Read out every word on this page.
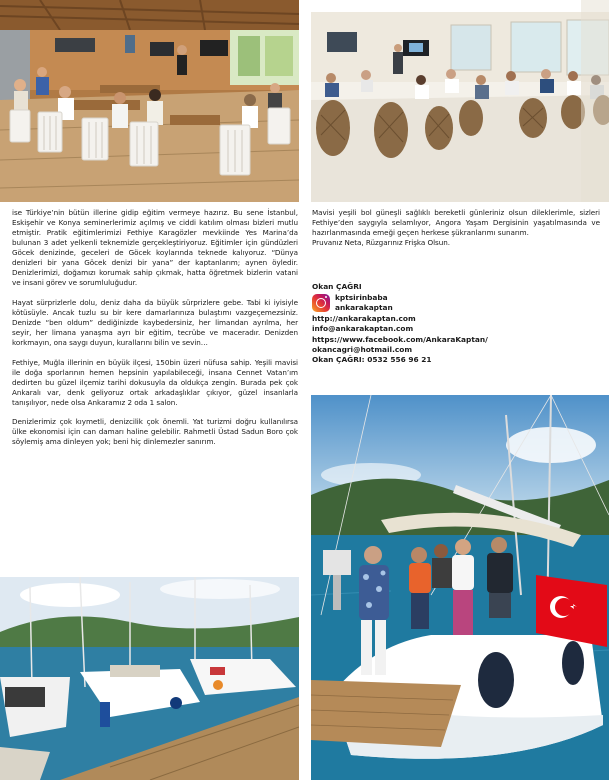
ise Türkiye’nin bütün illerine gidip eğitim vermeye hazırız. Bu sene İstanbul, Eskişehir ve Konya seminerlerimiz açılmış ve ciddi katılım olması bizleri mutlu etmiştir. Pratik eğitimlerimizi Fethiye Karagözler mevkiinde Yes Marina’da bulunan 3 adet yelkenli teknemizle gerçekleştiriyoruz. Eğitimler için gündüzleri Göcek denizinde, geceleri de Göcek koylarında teknede kalıyoruz. “Dünya denizleri bir yana Göcek denizi bir yana” der kaptanlarım; aynen öyledir. Denizlerimizi, doğamızı korumak sahip çıkmak, hatta öğretmek bizlerin vatani ve insani görev ve sorumluluğudur.

Hayat sürprizlerle dolu, deniz daha da büyük sürprizlere gebe. Tabi ki iyisiyle kötüsüyle. Ancak tuzlu su bir kere damarlarınıza bulaştımı vazgeçemezsiniz. Denizde “ben oldum” dediğinizde kaybedersiniz, her limandan ayrılma, her seyir, her limana yanaşma ayrı bir eğitim, tecrübe ve maceradır. Denizden korkmayın, ona saygı duyun, kurallarını bilin ve sevin…

Fethiye, Muğla illerinin en büyük ilçesi, 150bin üzeri nüfusa sahip. Yeşili mavisi ile doğa sporlarının hemen hepsinin yapılabileceği, insana Cennet Vatan’ım dedirten bu güzel ilçemiz tarihi dokusuyla da oldukça zengin. Burada pek çok Ankaralı var, denk geliyoruz ortak arkadaşlıklar çıkıyor, güzel insanlarla tanışılıyor, nede olsa Ankaramız 2 oda 1 salon.

Denizlerimiz çok kıymetli, denizcilik çok önemli. Yat turizmi doğru kullanılırsa ülke ekonomisi için can damarı haline gelebilir. Rahmetli Üstad Sadun Boro çok söylemiş ama dinleyen yok; beni hiç dinlemezler sanırım.

Mavisi yeşili bol güneşli sağlıklı bereketli günleriniz olsun dileklerimle, sizleri Fethiye’den saygıyla selamlıyor, Angora Yaşam Dergisinin yaşatılmasında ve hazırlanmasında emeği geçen herkese şükranlarımı sunarım.

Pruvanız Neta, Rüzgarınız Frişka Olsun.

Okan ÇAĞRI
kptsirinbaba
ankarakaptan
http://ankarakaptan.com
info@ankarakaptan.com
https://www.facebook.com/AnkaraKaptan/
okancagri@hotmail.com
Okan ÇAĞRI: 0532 556 96 21
